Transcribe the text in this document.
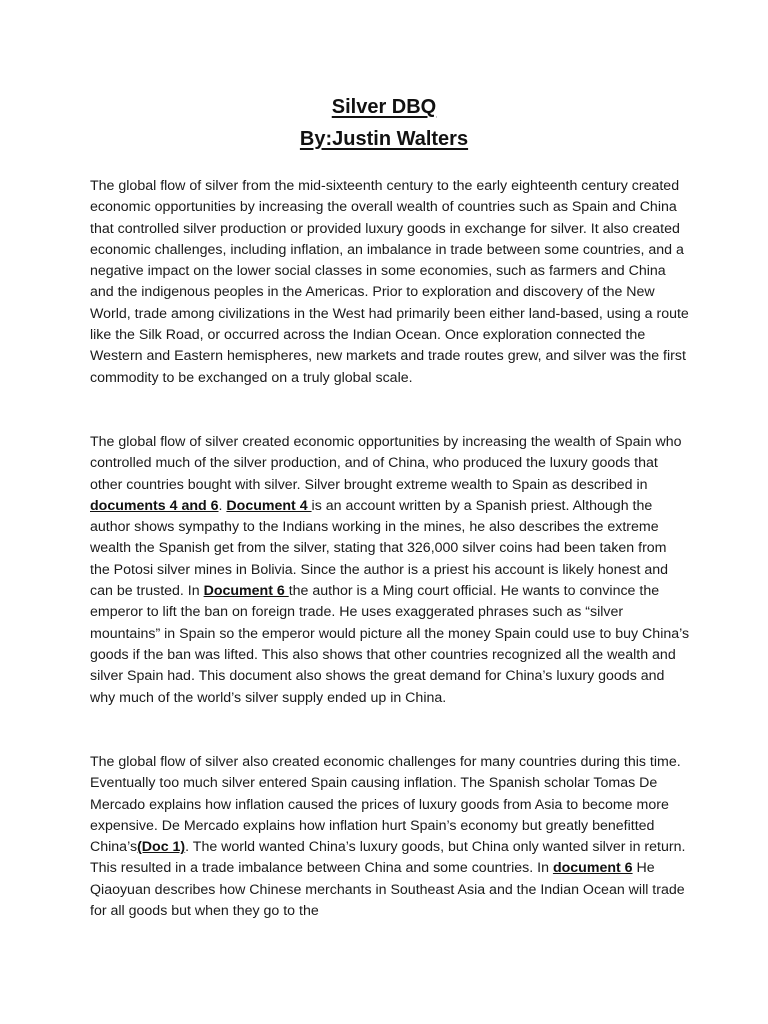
Silver DBQ
By:Justin Walters

The global flow of silver from the mid-sixteenth century to the early eighteenth century created economic opportunities by increasing the overall wealth of countries such as Spain and China that controlled silver production or provided luxury goods in exchange for silver. It also created economic challenges, including inflation, an imbalance in trade between some countries, and a negative impact on the lower social classes in some economies, such as farmers and China and the indigenous peoples in the Americas. Prior to exploration and discovery of the New World, trade among civilizations in the West had primarily been either land-based, using a route like the Silk Road, or occurred across the Indian Ocean. Once exploration connected the Western and Eastern hemispheres, new markets and trade routes grew, and silver was the first commodity to be exchanged on a truly global scale.

The global flow of silver created economic opportunities by increasing the wealth of Spain who controlled much of the silver production, and of China, who produced the luxury goods that other countries bought with silver. Silver brought extreme wealth to Spain as described in documents 4 and 6. Document 4 is an account written by a Spanish priest. Although the author shows sympathy to the Indians working in the mines, he also describes the extreme wealth the Spanish get from the silver, stating that 326,000 silver coins had been taken from the Potosi silver mines in Bolivia. Since the author is a priest his account is likely honest and can be trusted. In Document 6 the author is a Ming court official. He wants to convince the emperor to lift the ban on foreign trade. He uses exaggerated phrases such as “silver mountains” in Spain so the emperor would picture all the money Spain could use to buy China’s goods if the ban was lifted. This also shows that other countries recognized all the wealth and silver Spain had. This document also shows the great demand for China’s luxury goods and why much of the world’s silver supply ended up in China.

The global flow of silver also created economic challenges for many countries during this time. Eventually too much silver entered Spain causing inflation. The Spanish scholar Tomas De Mercado explains how inflation caused the prices of luxury goods from Asia to become more expensive. De Mercado explains how inflation hurt Spain’s economy but greatly benefitted China’s(Doc 1). The world wanted China’s luxury goods, but China only wanted silver in return. This resulted in a trade imbalance between China and some countries. In document 6 He Qiaoyuan describes how Chinese merchants in Southeast Asia and the Indian Ocean will trade for all goods but when they go to the
